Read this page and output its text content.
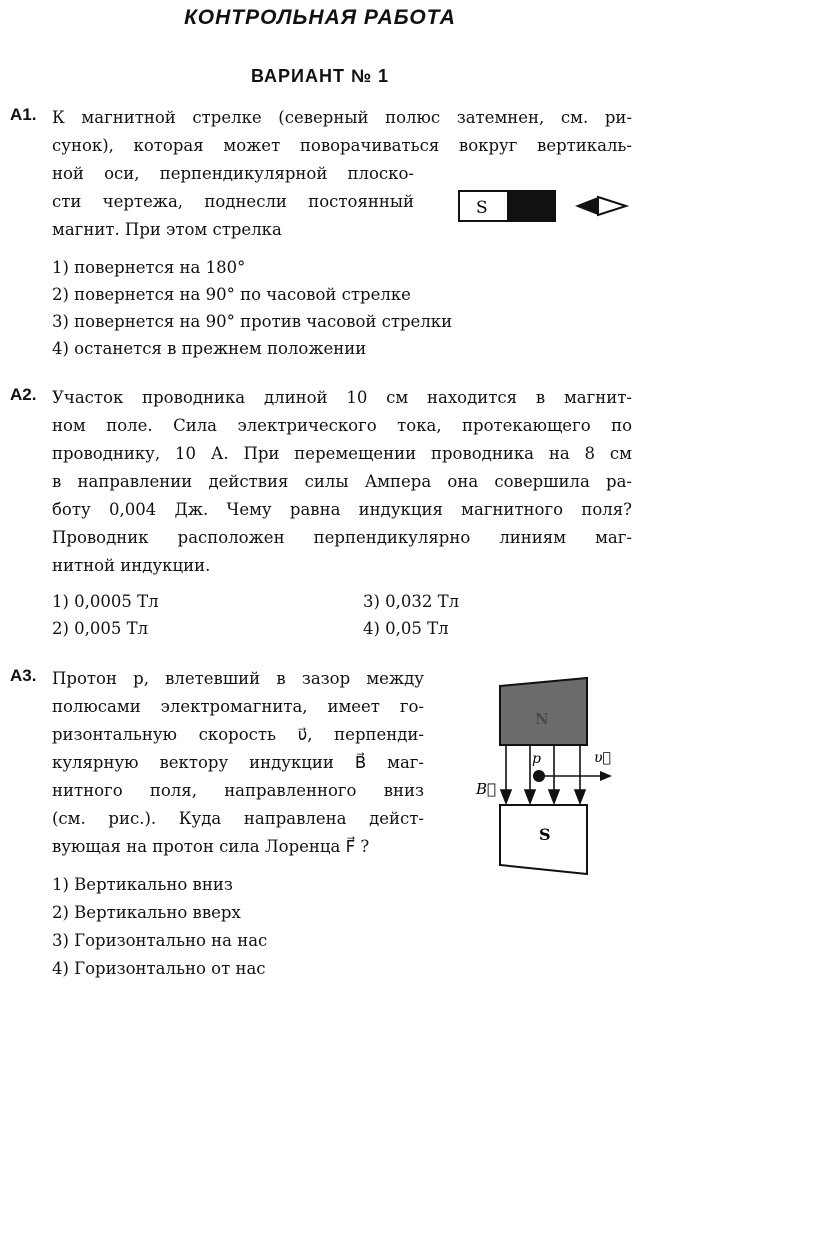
КОНТРОЛЬНАЯ РАБОТА
ВАРИАНТ № 1
А1. К магнитной стрелке (северный полюс затемнен, см. ри-
сунок), которая может поворачиваться вокруг вертикаль-
ной оси, перпендикулярной плоско-
сти чертежа, поднесли постоянный
магнит. При этом стрелка
S
1) повернется на 180°
2) повернется на 90° по часовой стрелке
3) повернется на 90° против часовой стрелки
4) останется в прежнем положении
А2. Участок проводника длиной 10 см находится в магнит-
ном поле. Сила электрического тока, протекающего по
проводнику, 10 А. При перемещении проводника на 8 см
в направлении действия силы Ампера она совершила ра-
боту 0,004 Дж. Чему равна индукция магнитного поля?
Проводник расположен перпендикулярно линиям маг-
нитной индукции.
1) 0,0005 Тл	3) 0,032 Тл
2) 0,005 Тл	4) 0,05 Тл
А3. Протон p, влетевший в зазор между
полюсами электромагнита, имеет го-
ризонтальную скорость υ⃗, перпенди-
кулярную вектору индукции B⃗ маг-
нитного поля, направленного вниз
(см. рис.). Куда направлена дейст-
вующая на протон сила Лоренца F⃗ ?
N
S
p	υ⃗
B⃗
1) Вертикально вниз
2) Вертикально вверх
3) Горизонтально на нас
4) Горизонтально от нас
